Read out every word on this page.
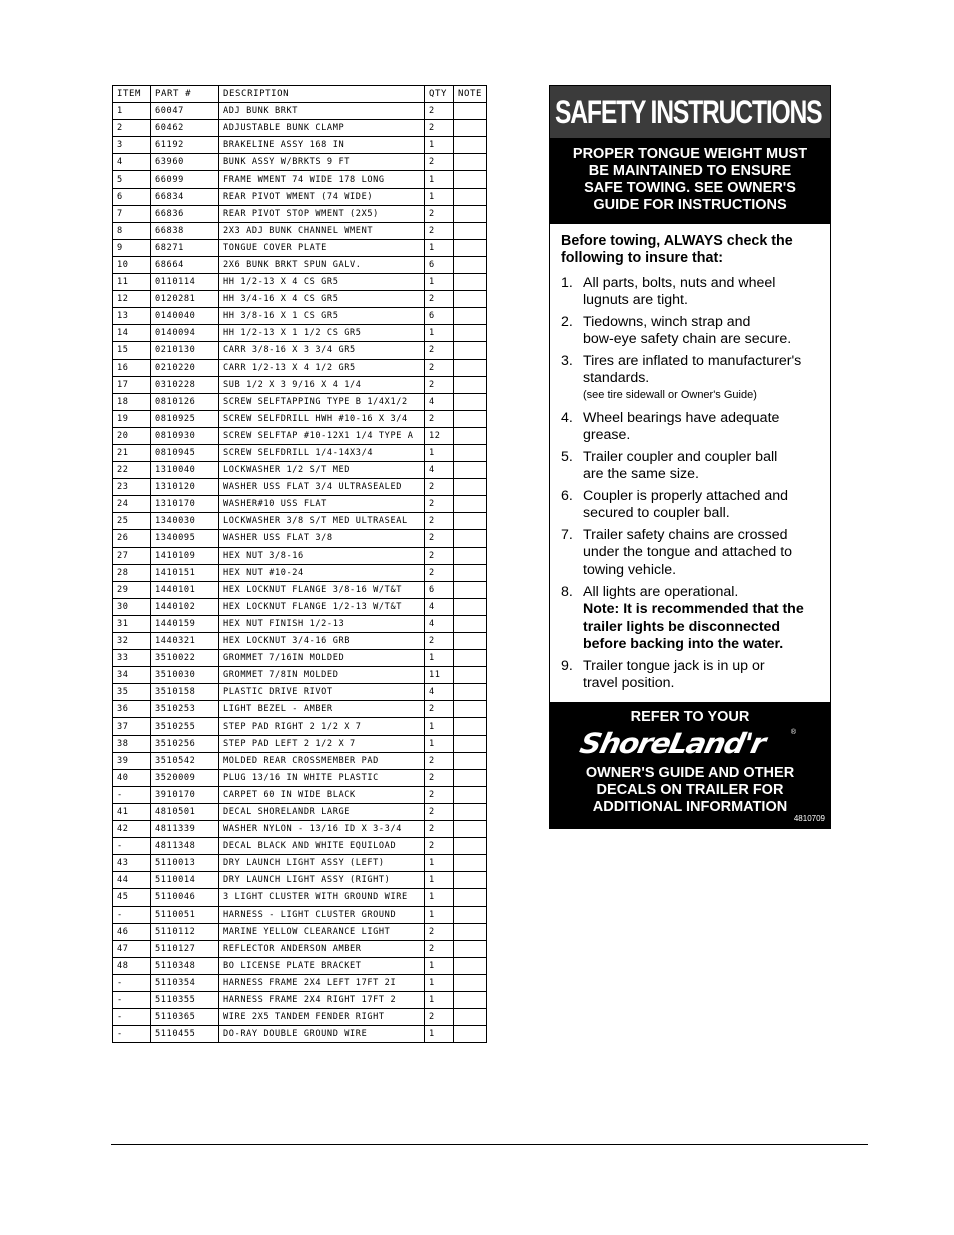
ITEM	PART #	DESCRIPTION	QTY	NOTE
1	60047	ADJ BUNK BRKT	2	
2	60462	ADJUSTABLE BUNK CLAMP	2	
3	61192	BRAKELINE ASSY 168 IN	1	
4	63960	BUNK ASSY W/BRKTS 9 FT	2	
5	66099	FRAME WMENT 74 WIDE 178 LONG	1	
6	66834	REAR PIVOT WMENT (74 WIDE)	1	
7	66836	REAR PIVOT STOP WMENT (2X5)	2	
8	66838	2X3 ADJ BUNK CHANNEL WMENT	2	
9	68271	TONGUE COVER PLATE	1	
10	68664	2X6 BUNK BRKT SPUN GALV.	6	
11	0110114	HH 1/2-13 X 4 CS GR5	1	
12	0120281	HH 3/4-16 X 4 CS GR5	2	
13	0140040	HH 3/8-16 X 1 CS GR5	6	
14	0140094	HH 1/2-13 X 1 1/2 CS GR5	1	
15	0210130	CARR 3/8-16 X 3 3/4 GR5	2	
16	0210220	CARR 1/2-13 X 4 1/2 GR5	2	
17	0310228	SUB 1/2 X 3 9/16 X 4 1/4	2	
18	0810126	SCREW SELFTAPPING TYPE B 1/4X1/2	4	
19	0810925	SCREW SELFDRILL HWH #10-16 X 3/4	2	
20	0810930	SCREW SELFTAP #10-12X1 1/4 TYPE A	12	
21	0810945	SCREW SELFDRILL 1/4-14X3/4	1	
22	1310040	LOCKWASHER 1/2 S/T MED	4	
23	1310120	WASHER USS FLAT 3/4 ULTRASEALED	2	
24	1310170	WASHER#10 USS FLAT	2	
25	1340030	LOCKWASHER 3/8 S/T MED ULTRASEAL	2	
26	1340095	WASHER USS FLAT 3/8	2	
27	1410109	HEX NUT 3/8-16	2	
28	1410151	HEX NUT #10-24	2	
29	1440101	HEX LOCKNUT FLANGE 3/8-16 W/T&T	6	
30	1440102	HEX LOCKNUT FLANGE 1/2-13 W/T&T	4	
31	1440159	HEX NUT FINISH 1/2-13	4	
32	1440321	HEX LOCKNUT 3/4-16 GRB	2	
33	3510022	GROMMET 7/16IN MOLDED	1	
34	3510030	GROMMET 7/8IN MOLDED	11	
35	3510158	PLASTIC DRIVE RIVOT	4	
36	3510253	LIGHT BEZEL - AMBER	2	
37	3510255	STEP PAD RIGHT 2 1/2 X 7	1	
38	3510256	STEP PAD LEFT 2 1/2 X 7	1	
39	3510542	MOLDED REAR CROSSMEMBER PAD	2	
40	3520009	PLUG 13/16 IN WHITE PLASTIC	2	
-	3910170	CARPET 60 IN WIDE BLACK	2	
41	4810501	DECAL SHORELANDR LARGE	2	
42	4811339	WASHER NYLON - 13/16 ID X 3-3/4	2	
-	4811348	DECAL BLACK AND WHITE EQUILOAD	2	
43	5110013	DRY LAUNCH LIGHT ASSY (LEFT)	1	
44	5110014	DRY LAUNCH LIGHT ASSY (RIGHT)	1	
45	5110046	3 LIGHT CLUSTER WITH GROUND WIRE	1	
-	5110051	HARNESS - LIGHT CLUSTER GROUND	1	
46	5110112	MARINE YELLOW CLEARANCE LIGHT	2	
47	5110127	REFLECTOR ANDERSON AMBER	2	
48	5110348	BO LICENSE PLATE BRACKET	1	
-	5110354	HARNESS FRAME 2X4 LEFT 17FT 2I	1	
-	5110355	HARNESS FRAME 2X4 RIGHT 17FT 2	1	
-	5110365	WIRE 2X5 TANDEM FENDER RIGHT	2	
-	5110455	DO-RAY DOUBLE GROUND WIRE	1	
SAFETY INSTRUCTIONS
PROPER TONGUE WEIGHT MUST
BE MAINTAINED TO ENSURE
SAFE TOWING. SEE OWNER'S
GUIDE FOR INSTRUCTIONS
Before towing, ALWAYS check the
following to insure that:
1. All parts, bolts, nuts and wheel
lugnuts are tight.
2. Tiedowns, winch strap and
bow-eye safety chain are secure.
3. Tires are inflated to manufacturer's
standards.
(see tire sidewall or Owner's Guide)
4. Wheel bearings have adequate
grease.
5. Trailer coupler and coupler ball
are the same size.
6. Coupler is properly attached and
secured to coupler ball.
7. Trailer safety chains are crossed
under the tongue and attached to
towing vehicle.
8. All lights are operational.
Note: It is recommended that the
trailer lights be disconnected
before backing into the water.
9. Trailer tongue jack is in up or
travel position.
REFER TO YOUR
ShoreLand'r	®
OWNER'S GUIDE AND OTHER
DECALS ON TRAILER FOR
ADDITIONAL INFORMATION
4810709
